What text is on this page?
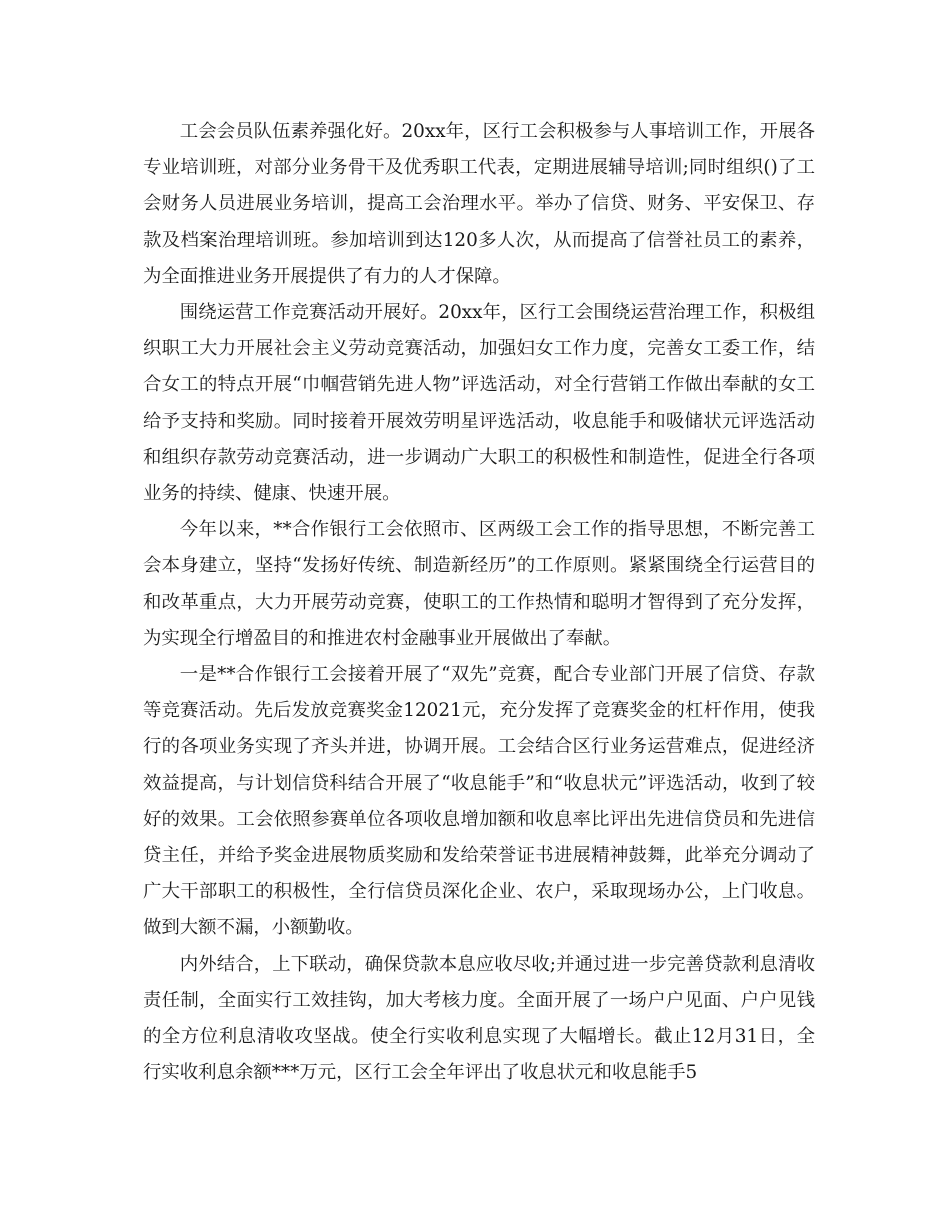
工会会员队伍素养强化好。20xx年，区行工会积极参与人事培训工作，开展各专业培训班，对部分业务骨干及优秀职工代表，定期进展辅导培训;同时组织()了工会财务人员进展业务培训，提高工会治理水平。举办了信贷、财务、平安保卫、存款及档案治理培训班。参加培训到达120多人次，从而提高了信誉社员工的素养，为全面推进业务开展提供了有力的人才保障。

围绕运营工作竞赛活动开展好。20xx年，区行工会围绕运营治理工作，积极组织职工大力开展社会主义劳动竞赛活动，加强妇女工作力度，完善女工委工作，结合女工的特点开展“巾帼营销先进人物”评选活动，对全行营销工作做出奉献的女工给予支持和奖励。同时接着开展效劳明星评选活动，收息能手和吸储状元评选活动和组织存款劳动竞赛活动，进一步调动广大职工的积极性和制造性，促进全行各项业务的持续、健康、快速开展。

今年以来，**合作银行工会依照市、区两级工会工作的指导思想，不断完善工会本身建立，坚持“发扬好传统、制造新经历”的工作原则。紧紧围绕全行运营目的和改革重点，大力开展劳动竞赛，使职工的工作热情和聪明才智得到了充分发挥，为实现全行增盈目的和推进农村金融事业开展做出了奉献。

一是**合作银行工会接着开展了“双先”竞赛，配合专业部门开展了信贷、存款等竞赛活动。先后发放竞赛奖金12021元，充分发挥了竞赛奖金的杠杆作用，使我行的各项业务实现了齐头并进，协调开展。工会结合区行业务运营难点，促进经济效益提高，与计划信贷科结合开展了“收息能手”和“收息状元”评选活动，收到了较好的效果。工会依照参赛单位各项收息增加额和收息率比评出先进信贷员和先进信贷主任，并给予奖金进展物质奖励和发给荣誉证书进展精神鼓舞，此举充分调动了广大干部职工的积极性，全行信贷员深化企业、农户，采取现场办公，上门收息。做到大额不漏，小额勤收。

内外结合，上下联动，确保贷款本息应收尽收;并通过进一步完善贷款利息清收责任制，全面实行工效挂钩，加大考核力度。全面开展了一场户户见面、户户见钱的全方位利息清收攻坚战。使全行实收利息实现了大幅增长。截止12月31日，全行实收利息余额***万元，区行工会全年评出了收息状元和收息能手5
